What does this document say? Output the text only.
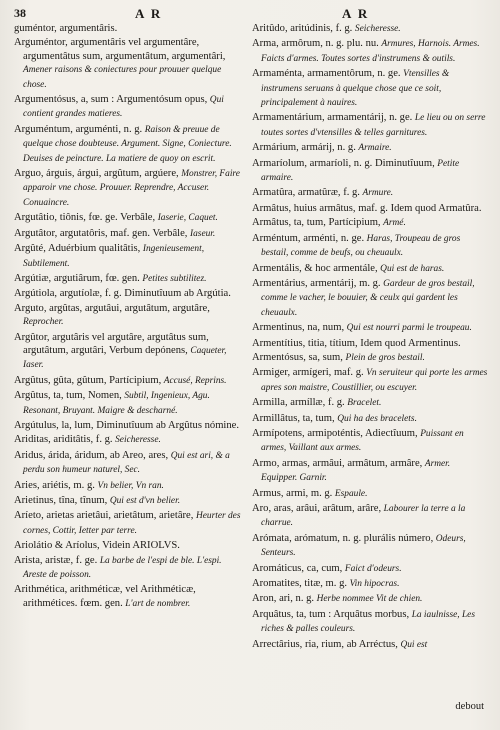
38	A R	A R
guméntor, argumentâris.
Arguméntor, argumentâris vel argumentâre, argumentâtus sum, argumentâtum, argumentâri, Amener raisons & coniectures pour prouuer quelque chose.
Argumentósus, a, sum : Argumentósum opus, Qui contient grandes matieres.
Arguméntum, arguménti, n. g. Raison & preuue de quelque chose doubteuse. Argument. Signe, Coniecture. Deuises de peincture. La matiere de quoy on escrit.
Arguo, árguis, árgui, argûtum, argúere, Monstrer, Faire apparoir vne chose. Prouuer. Reprendre, Accuser. Conuaincre.
Argutâtio, tiônis, fœ. ge. Verbâle, Iaserie, Caquet.
Argutâtor, argutatôris, maf. gen. Verbâle, Iaseur.
Argûté, Aduérbium qualitâtis, Ingenieusement, Subtilement.
Argútiæ, argutiârum, fœ. gen. Petites subtilitez.
Argútiola, argutíolæ, f. g. Diminutîuum ab Argútia.
Arguto, argûtas, argutâui, argutâtum, argutâre, Reprocher.
Argûtor, argutâris vel argutâre, argutâtus sum, argutâtum, argutâri, Verbum depónens, Caqueter, Iaser.
Argûtus, gûta, gûtum, Partícipium, Accusé, Reprins.
Argûtus, ta, tum, Nomen, Subtil, Ingenieux, Agu. Resonant, Bruyant. Maigre & descharné.
Argútulus, la, lum, Diminutîuum ab Argûtus nómine.
Ariditas, ariditâtis, f. g. Seicheresse.
Aridus, árida, áridum, ab Areo, ares, Qui est ari, & a perdu son humeur naturel, Sec.
Aries, ariétis, m. g. Vn belier, Vn ran.
Arietinus, tîna, tînum, Qui est d'vn belier.
Aríeto, arietas arietâui, arietâtum, arietâre, Heurter des cornes, Cottir, Ietter par terre.
Ariolátio & Aríolus, Videin ARIOLVS.
Arista, aristæ, f. ge. La barbe de l'espi de ble. L'espi. Areste de poisson.
Arithmética, arithméticæ, vel Arithméticæ, arithmétices. fœm. gen. L'art de nombrer.
Aritûdo, aritúdinis, f. g. Seicheresse.
Arma, armôrum, n. g. plu. nu. Armures, Harnois. Armes. Faicts d'armes. Toutes sortes d'instrumens & outils.
Armaménta, armamentôrum, n. ge. Vtensilles & instrumens seruans à quelque chose que ce soit, principalement à nauires.
Armamentárium, armamentárij, n. ge. Le lieu ou on serre toutes sortes d'vtensilles & telles garnitures.
Armárium, armárij, n. g. Armaire.
Armaríolum, armaríoli, n. g. Diminutîuum, Petite armaire.
Armatûra, armatûræ, f. g. Armure.
Armâtus, huius armâtus, maf. g. Idem quod Armatûra.
Armâtus, ta, tum, Partícipium, Armé.
Arméntum, arménti, n. ge. Haras, Troupeau de gros bestail, comme de beufs, ou cheuaulx.
Armentális, & hoc armentále, Qui est de haras.
Armentárius, armentárij, m. g. Gardeur de gros bestail, comme le vacher, le bouuier, & ceulx qui gardent les cheuaulx.
Armentinus, na, num, Qui est nourri parmi le troupeau.
Armentítius, titia, títium, Idem quod Armentinus.
Armentósus, sa, sum, Plein de gros bestail.
Armiger, armígeri, maf. g. Vn seruiteur qui porte les armes apres son maistre, Coustillier, ou escuyer.
Armilla, armíllæ, f. g. Bracelet.
Armillâtus, ta, tum, Qui ha des bracelets.
Armípotens, armipoténtis, Adiectîuum, Puissant en armes, Vaillant aux armes.
Armo, armas, armâui, armâtum, armâre, Armer. Equipper. Garnir.
Armus, armi, m. g. Espaule.
Aro, aras, arâui, arâtum, arâre, Labourer la terre a la charrue.
Arómata, arómatum, n. g. plurális número, Odeurs, Senteurs.
Aromáticus, ca, cum, Faict d'odeurs.
Aromatites, titæ, m. g. Vin hipocras.
Aron, ari, n. g. Herbe nommee Vit de chien.
Arquâtus, ta, tum : Arquâtus morbus, La iaulnisse, Les riches & palles couleurs.
Arrectârius, ria, rium, ab Arréctus, Qui est
debout
